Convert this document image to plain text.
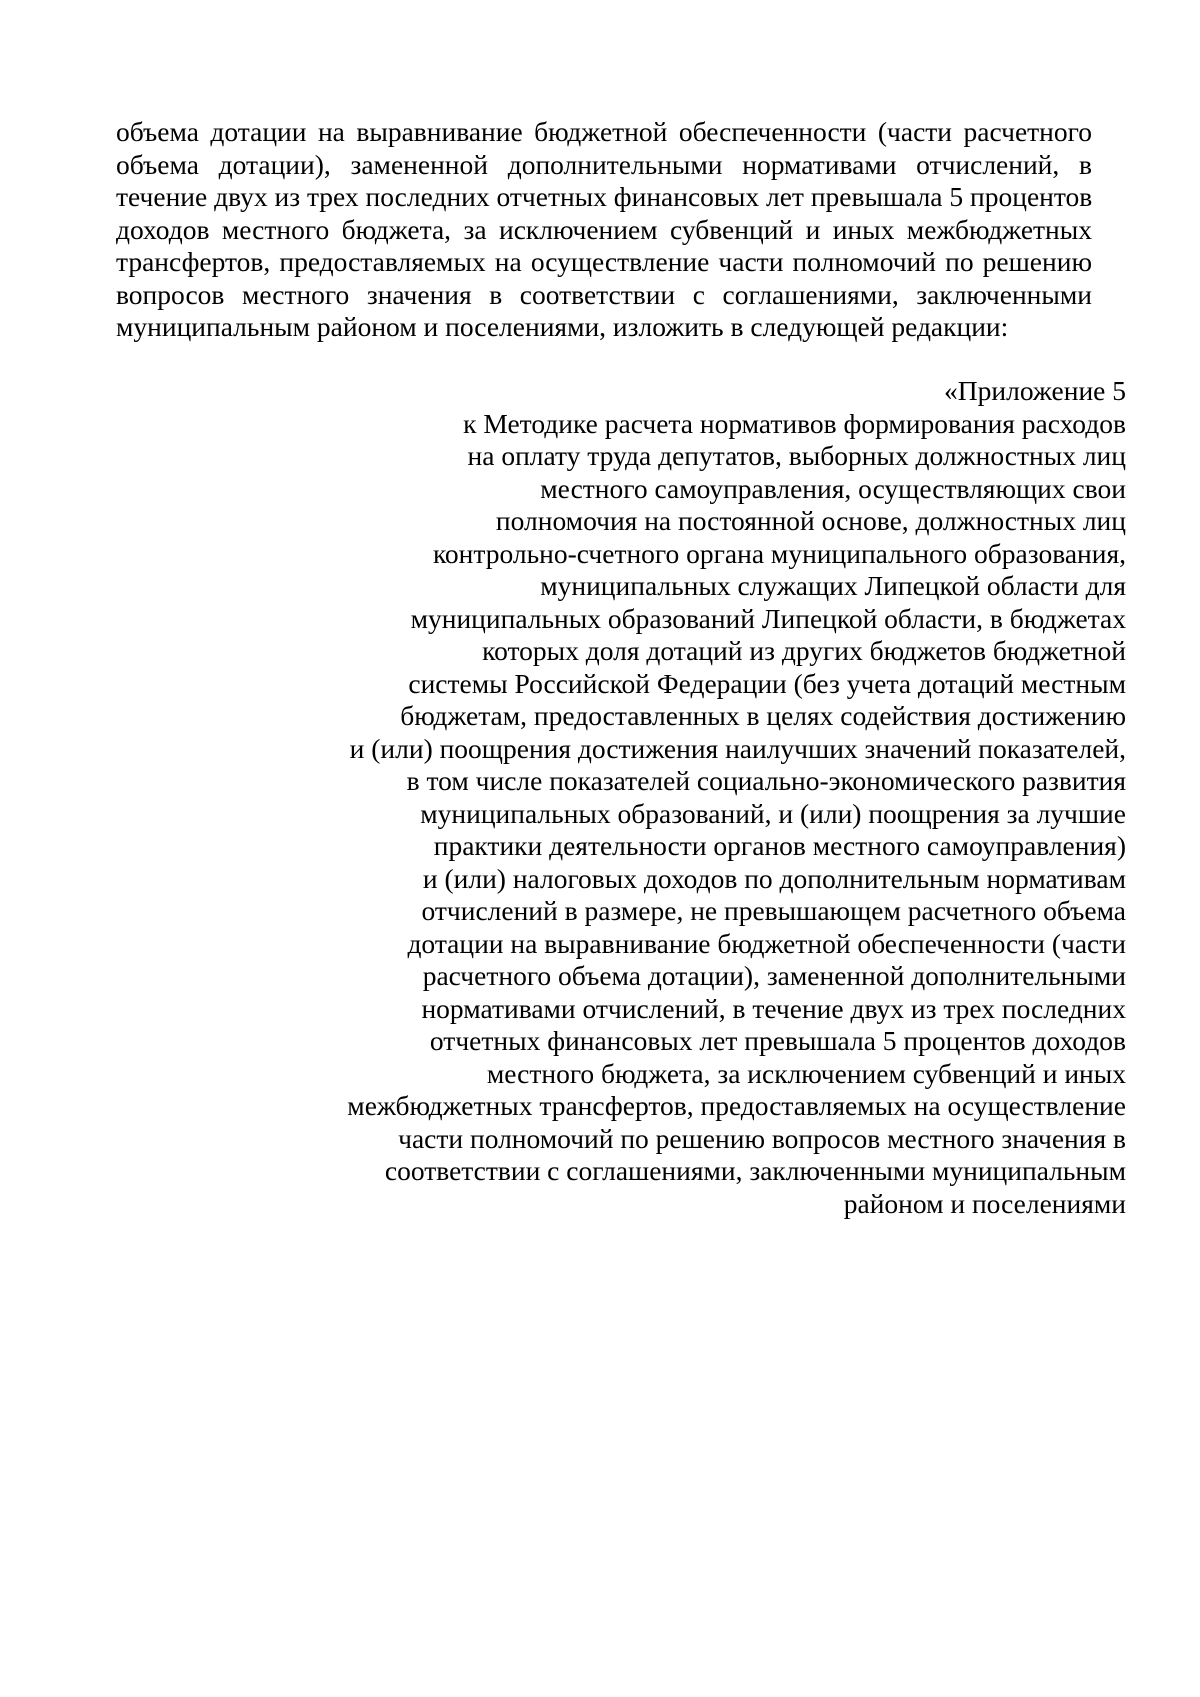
объема дотации на выравнивание бюджетной обеспеченности (части расчетного
объема дотации), замененной дополнительными нормативами отчислений, в
течение двух из трех последних отчетных финансовых лет превышала 5 процентов
доходов местного бюджета, за исключением субвенций и иных межбюджетных
трансфертов, предоставляемых на осуществление части полномочий по решению
вопросов местного значения в соответствии с соглашениями, заключенными
муниципальным районом и поселениями, изложить в следующей редакции:
«Приложение 5
к Методике расчета нормативов формирования расходов
на оплату труда депутатов, выборных должностных лиц
местного самоуправления, осуществляющих свои
полномочия на постоянной основе, должностных лиц
контрольно-счетного органа муниципального образования,
муниципальных служащих Липецкой области для
муниципальных образований Липецкой области, в бюджетах
которых доля дотаций из других бюджетов бюджетной
системы Российской Федерации (без учета дотаций местным
бюджетам, предоставленных в целях содействия достижению
и (или) поощрения достижения наилучших значений показателей,
в том числе показателей социально-экономического развития
муниципальных образований, и (или) поощрения за лучшие
практики деятельности органов местного самоуправления)
и (или) налоговых доходов по дополнительным нормативам
отчислений в размере, не превышающем расчетного объема
дотации на выравнивание бюджетной обеспеченности (части
расчетного объема дотации), замененной дополнительными
нормативами отчислений, в течение двух из трех последних
отчетных финансовых лет превышала 5 процентов доходов
местного бюджета, за исключением субвенций и иных
межбюджетных трансфертов, предоставляемых на осуществление
части полномочий по решению вопросов местного значения в
соответствии с соглашениями, заключенными муниципальным
районом и поселениями
